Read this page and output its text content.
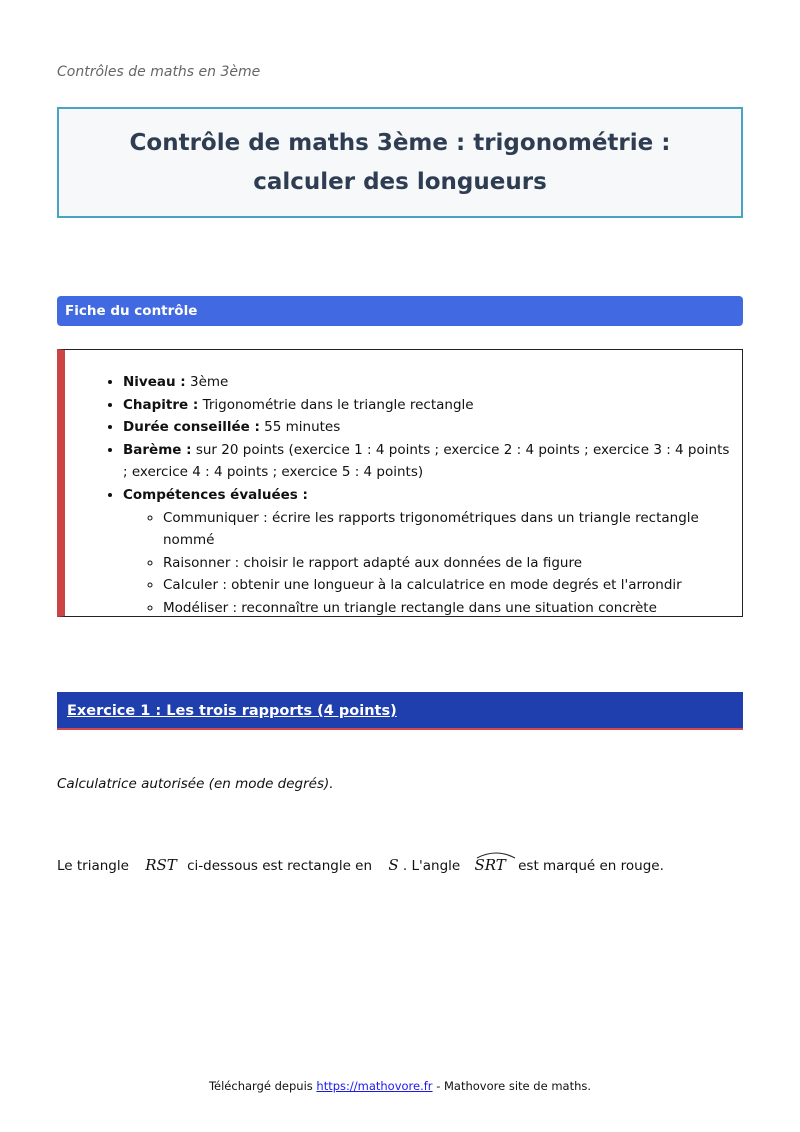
Contrôles de maths en 3ème
Contrôle de maths 3ème : trigonométrie : calculer des longueurs
Fiche du contrôle
• Niveau : 3ème
• Chapitre : Trigonométrie dans le triangle rectangle
• Durée conseillée : 55 minutes
• Barème : sur 20 points (exercice 1 : 4 points ; exercice 2 : 4 points ; exercice 3 : 4 points ; exercice 4 : 4 points ; exercice 5 : 4 points)
• Compétences évaluées :
◦ Communiquer : écrire les rapports trigonométriques dans un triangle rectangle nommé
◦ Raisonner : choisir le rapport adapté aux données de la figure
◦ Calculer : obtenir une longueur à la calculatrice en mode degrés et l'arrondir
◦ Modéliser : reconnaître un triangle rectangle dans une situation concrète
Exercice 1 : Les trois rapports (4 points)
Calculatrice autorisée (en mode degrés).
Le triangle RST ci-dessous est rectangle en S . L'angle SRT est marqué en rouge.
Téléchargé depuis https://mathovore.fr - Mathovore site de maths.
